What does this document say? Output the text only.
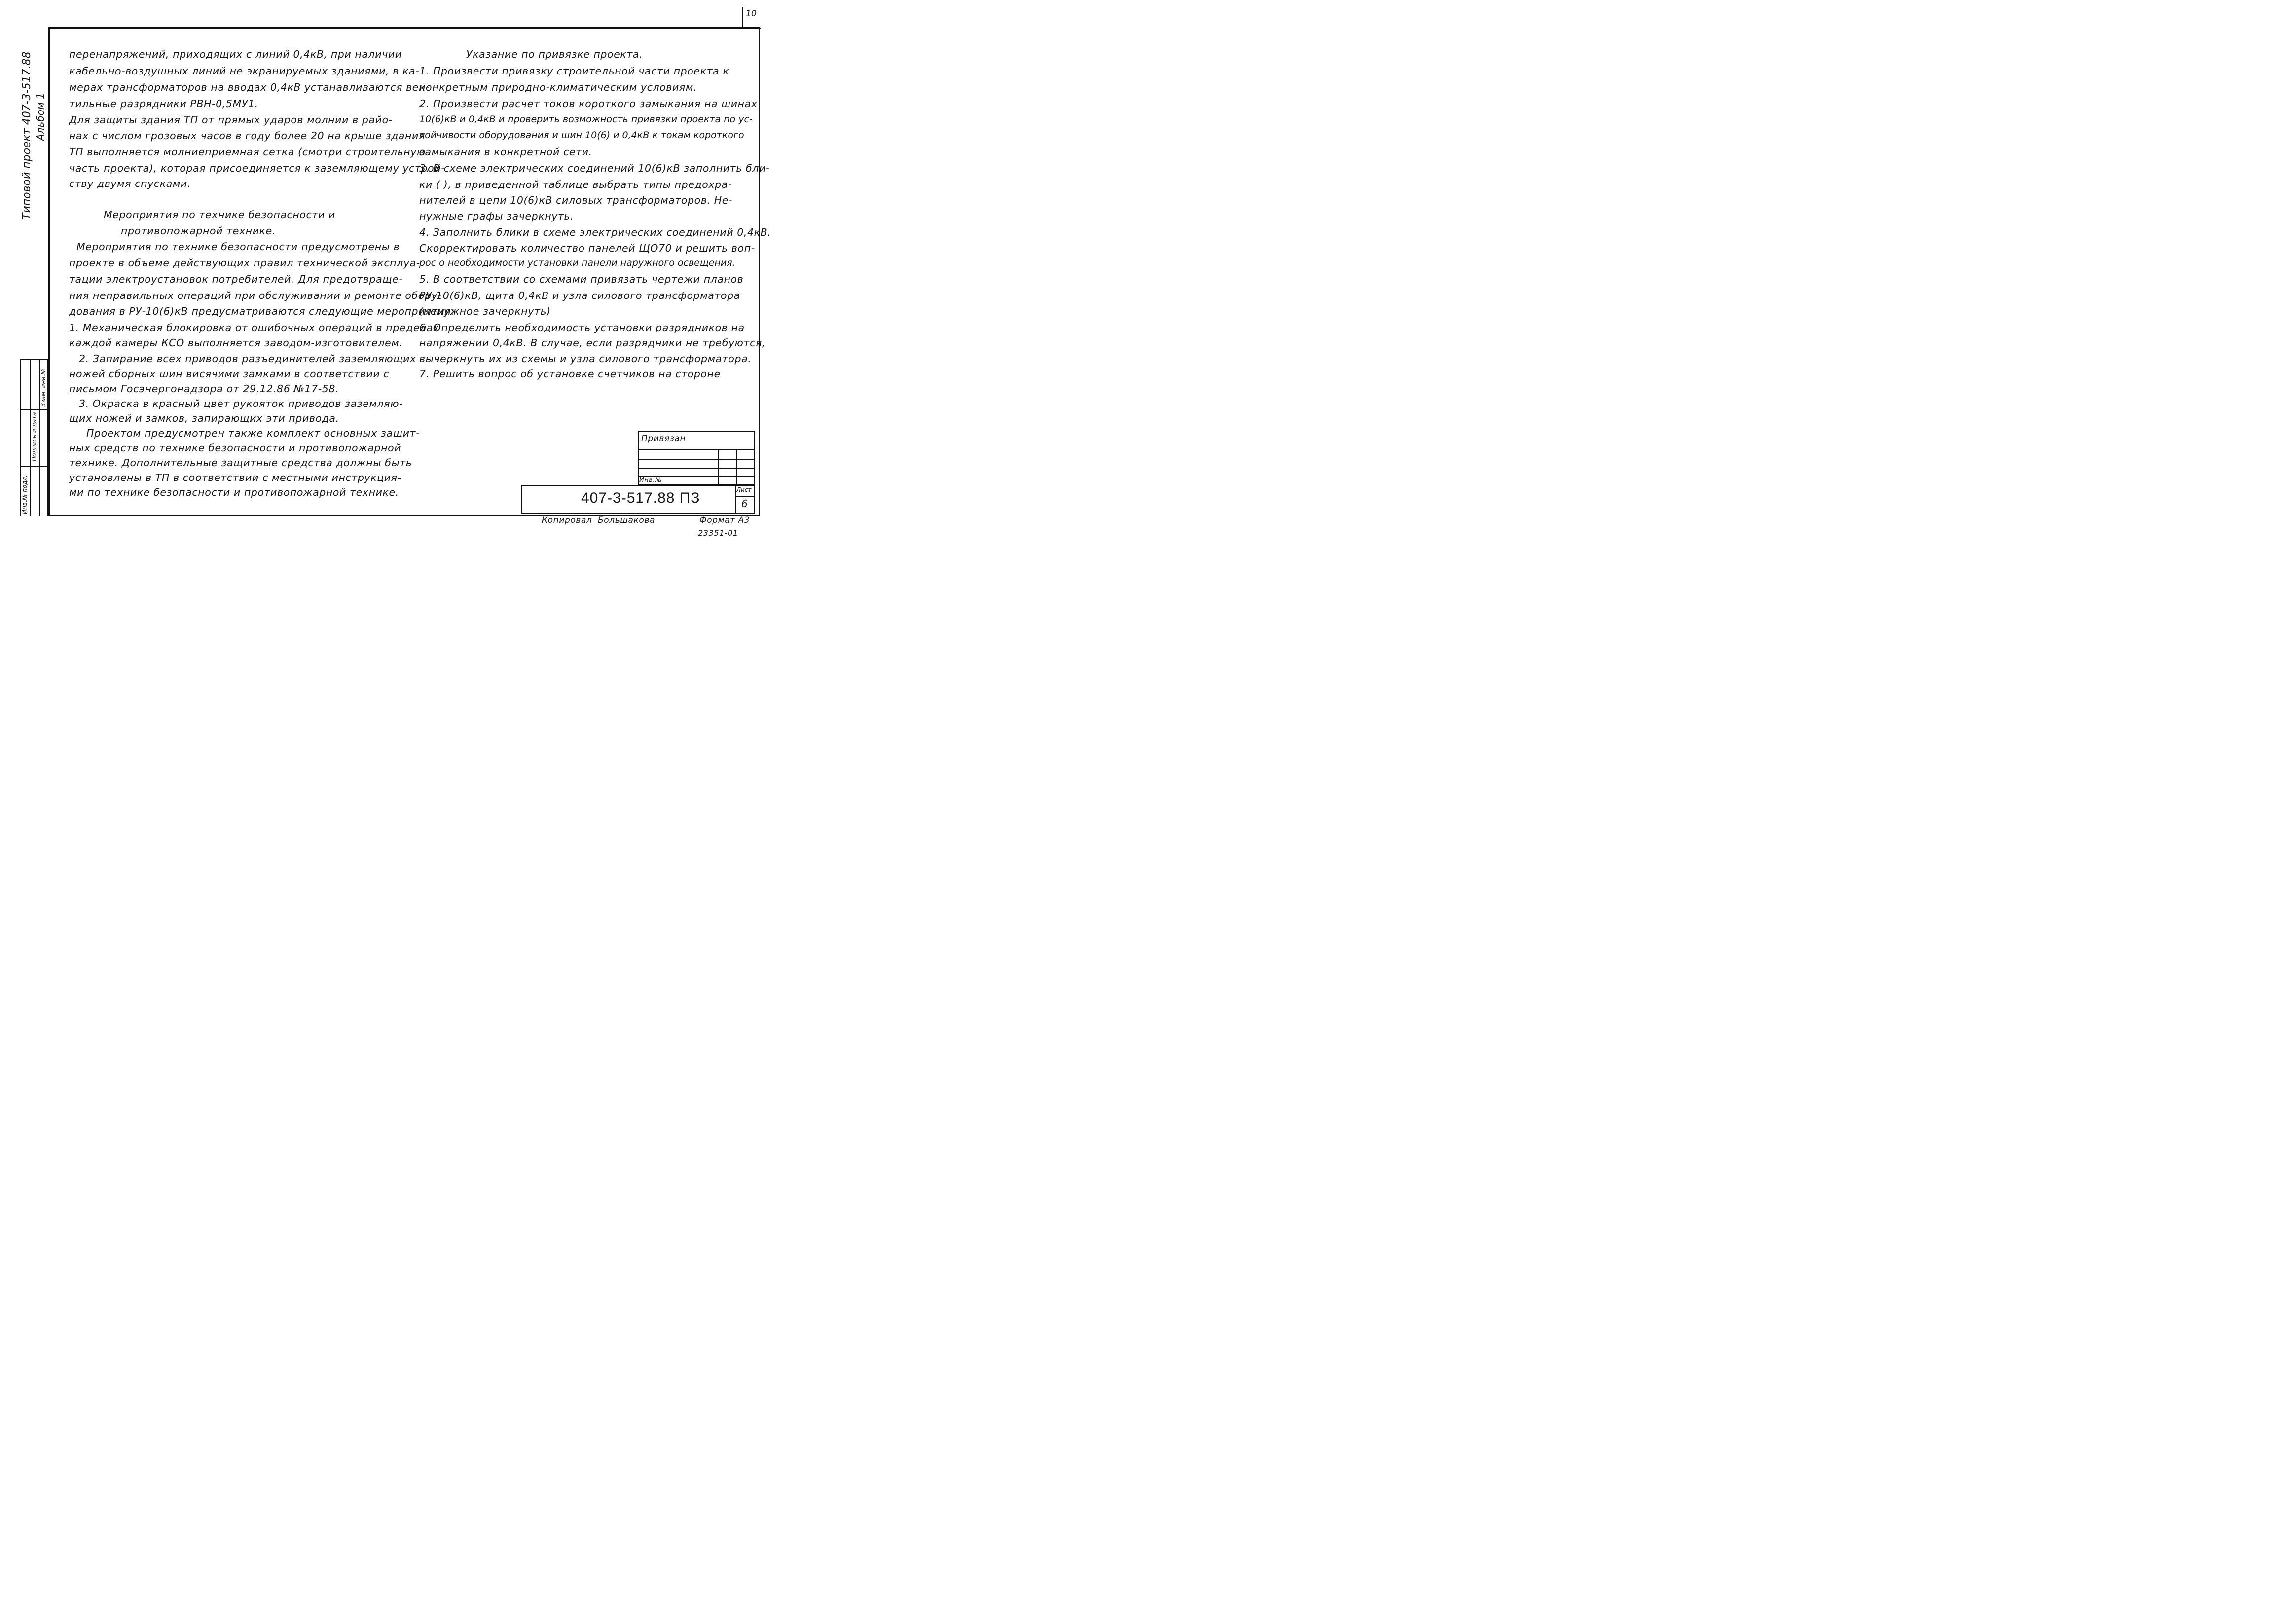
10
Типовой проект 407-3-517.88 Альбом 1
Инв.№ подл.
Подпись и дата
Взам. инв.№
перенапряжений, приходящих с линий 0,4кВ, при наличии
кабельно-воздушных линий не экранируемых зданиями, в ка-
мерах трансформаторов на вводах 0,4кВ устанавливаются вен-
тильные разрядники РВН-0,5МУ1.
Для защиты здания ТП от прямых ударов молнии в райо-
нах с числом грозовых часов в году более 20 на крыше здания
ТП выполняется молниеприемная сетка (смотри строительную
часть проекта), которая присоединяется к заземляющему устрой-
ству двумя спусками.
Мероприятия по технике безопасности и
противопожарной технике.
Мероприятия по технике безопасности предусмотрены в
проекте в объеме действующих правил технической эксплуа-
тации электроустановок потребителей. Для предотвраще-
ния неправильных операций при обслуживании и ремонте обору-
дования в РУ-10(6)кВ предусматриваются следующие мероприятия:
1. Механическая блокировка от ошибочных операций в пределах
каждой камеры КСО выполняется заводом-изготовителем.
2. Запирание всех приводов разъединителей заземляющих
ножей сборных шин висячими замками в соответствии с
письмом Госэнергонадзора от 29.12.86 №17-58.
3. Окраска в красный цвет рукояток приводов заземляю-
щих ножей и замков, запирающих эти привода.
Проектом предусмотрен также комплект основных защит-
ных средств по технике безопасности и противопожарной
технике. Дополнительные защитные средства должны быть
установлены в ТП в соответствии с местными инструкция-
ми по технике безопасности и противопожарной технике.
Указание по привязке проекта.
1. Произвести привязку строительной части проекта к
конкретным природно-климатическим условиям.
2. Произвести расчет токов короткого замыкания на шинах
10(6)кВ и 0,4кВ и проверить возможность привязки проекта по ус-
тойчивости оборудования и шин 10(6) и 0,4кВ к токам короткого
замыкания в конкретной сети.
3. В схеме электрических соединений 10(6)кВ заполнить бли-
ки ( ), в приведенной таблице выбрать типы предохра-
нителей в цепи 10(6)кВ силовых трансформаторов. Не-
нужные графы зачеркнуть.
4. Заполнить блики в схеме электрических соединений 0,4кВ.
Скорректировать количество панелей ЩО70 и решить воп-
рос о необходимости установки панели наружного освещения.
5. В соответствии со схемами привязать чертежи планов
РУ-10(6)кВ, щита 0,4кВ и узла силового трансформатора
(ненужное зачеркнуть)
6. Определить необходимость установки разрядников на
напряжении 0,4кВ. В случае, если разрядники не требуются,
вычеркнуть их из схемы и узла силового трансформатора.
7. Решить вопрос об установке счетчиков на стороне
Привязан
Инв.№
407-3-517.88 ПЗ	Лист
6
Копировал Большакова	Формат А3
23351-01
